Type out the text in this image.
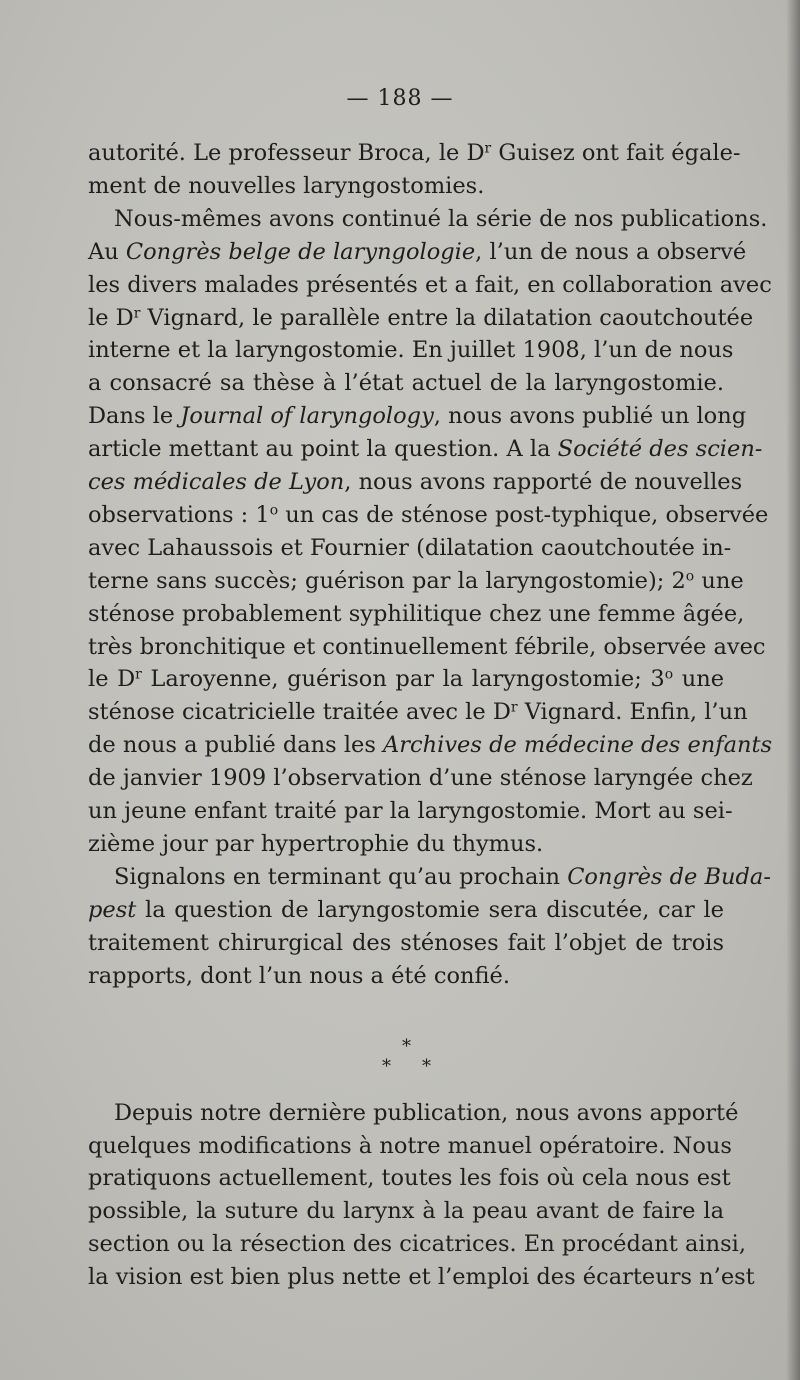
— 188 —
autorité. Le professeur Broca, le $D^r$ Guisez ont fait égale-
ment de nouvelles laryngostomies.
Nous-mêmes avons continué la série de nos publications.
Au Congrès belge de laryngologie, l’un de nous a observé
les divers malades présentés et a fait, en collaboration avec
le $D^r$ Vignard, le parallèle entre la dilatation caoutchoutée
interne et la laryngostomie. En juillet 1908, l’un de nous
a consacré sa thèse à l’état actuel de la laryngostomie.
Dans le Journal of laryngology, nous avons publié un long
article mettant au point la question. A la Société des scien-
ces médicales de Lyon, nous avons rapporté de nouvelles
observations : 1$^o$ un cas de sténose post-typhique, observée
avec Lahaussois et Fournier (dilatation caoutchoutée in-
terne sans succès; guérison par la laryngostomie); 2$^o$ une
sténose probablement syphilitique chez une femme âgée,
très bronchitique et continuellement fébrile, observée avec
le $D^r$ Laroyenne, guérison par la laryngostomie; 3$^o$ une
sténose cicatricielle traitée avec le $D^r$ Vignard. Enfin, l’un
de nous a publié dans les Archives de médecine des enfants
de janvier 1909 l’observation d’une sténose laryngée chez
un jeune enfant traité par la laryngostomie. Mort au sei-
zième jour par hypertrophie du thymus.
Signalons en terminant qu’au prochain Congrès de Buda-
pest la question de laryngostomie sera discutée, car le
traitement chirurgical des sténoses fait l’objet de trois
rapports, dont l’un nous a été confié.
Depuis notre dernière publication, nous avons apporté
quelques modifications à notre manuel opératoire. Nous
pratiquons actuellement, toutes les fois où cela nous est
possible, la suture du larynx à la peau avant de faire la
section ou la résection des cicatrices. En procédant ainsi,
la vision est bien plus nette et l’emploi des écarteurs n’est
*
* *
